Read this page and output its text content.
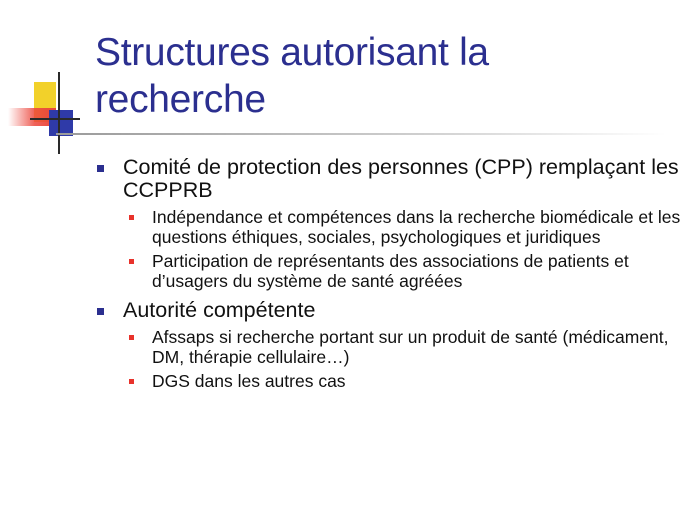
Structures autorisant la recherche
Comité de protection des personnes (CPP) remplaçant les CCPPRB
Indépendance et compétences dans la recherche biomédicale et les questions éthiques, sociales, psychologiques et juridiques
Participation de représentants des associations de patients et d’usagers du système de santé agréées
Autorité compétente
Afssaps si recherche portant sur un produit de santé (médicament, DM, thérapie cellulaire…)
DGS dans les autres cas
